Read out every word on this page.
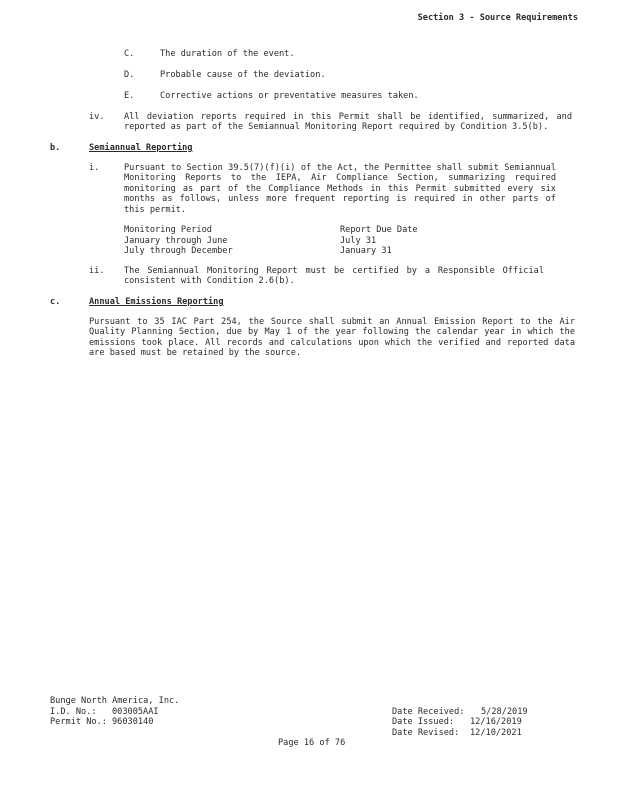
Section 3 - Source Requirements
C.	The duration of the event.
D.	Probable cause of the deviation.
E.	Corrective actions or preventative measures taken.
iv. All deviation reports required in this Permit shall be identified, summarized, and reported as part of the Semiannual Monitoring Report required by Condition 3.5(b).
b.	Semiannual Reporting
i.	Pursuant to Section 39.5(7)(f)(i) of the Act, the Permittee shall submit Semiannual Monitoring Reports to the IEPA, Air Compliance Section, summarizing required monitoring as part of the Compliance Methods in this Permit submitted every six months as follows, unless more frequent reporting is required in other parts of this permit.
Monitoring Period	Report Due Date
January through June	July 31
July through December	January 31
ii. The Semiannual Monitoring Report must be certified by a Responsible Official consistent with Condition 2.6(b).
c.	Annual Emissions Reporting
Pursuant to 35 IAC Part 254, the Source shall submit an Annual Emission Report to the Air Quality Planning Section, due by May 1 of the year following the calendar year in which the emissions took place. All records and calculations upon which the verified and reported data are based must be retained by the source.
Bunge North America, Inc.
I.D. No.: 003005AAI
Permit No.: 96030140
Date Received: 5/28/2019
Date Issued: 12/16/2019
Date Revised: 12/10/2021
Page 16 of 76
